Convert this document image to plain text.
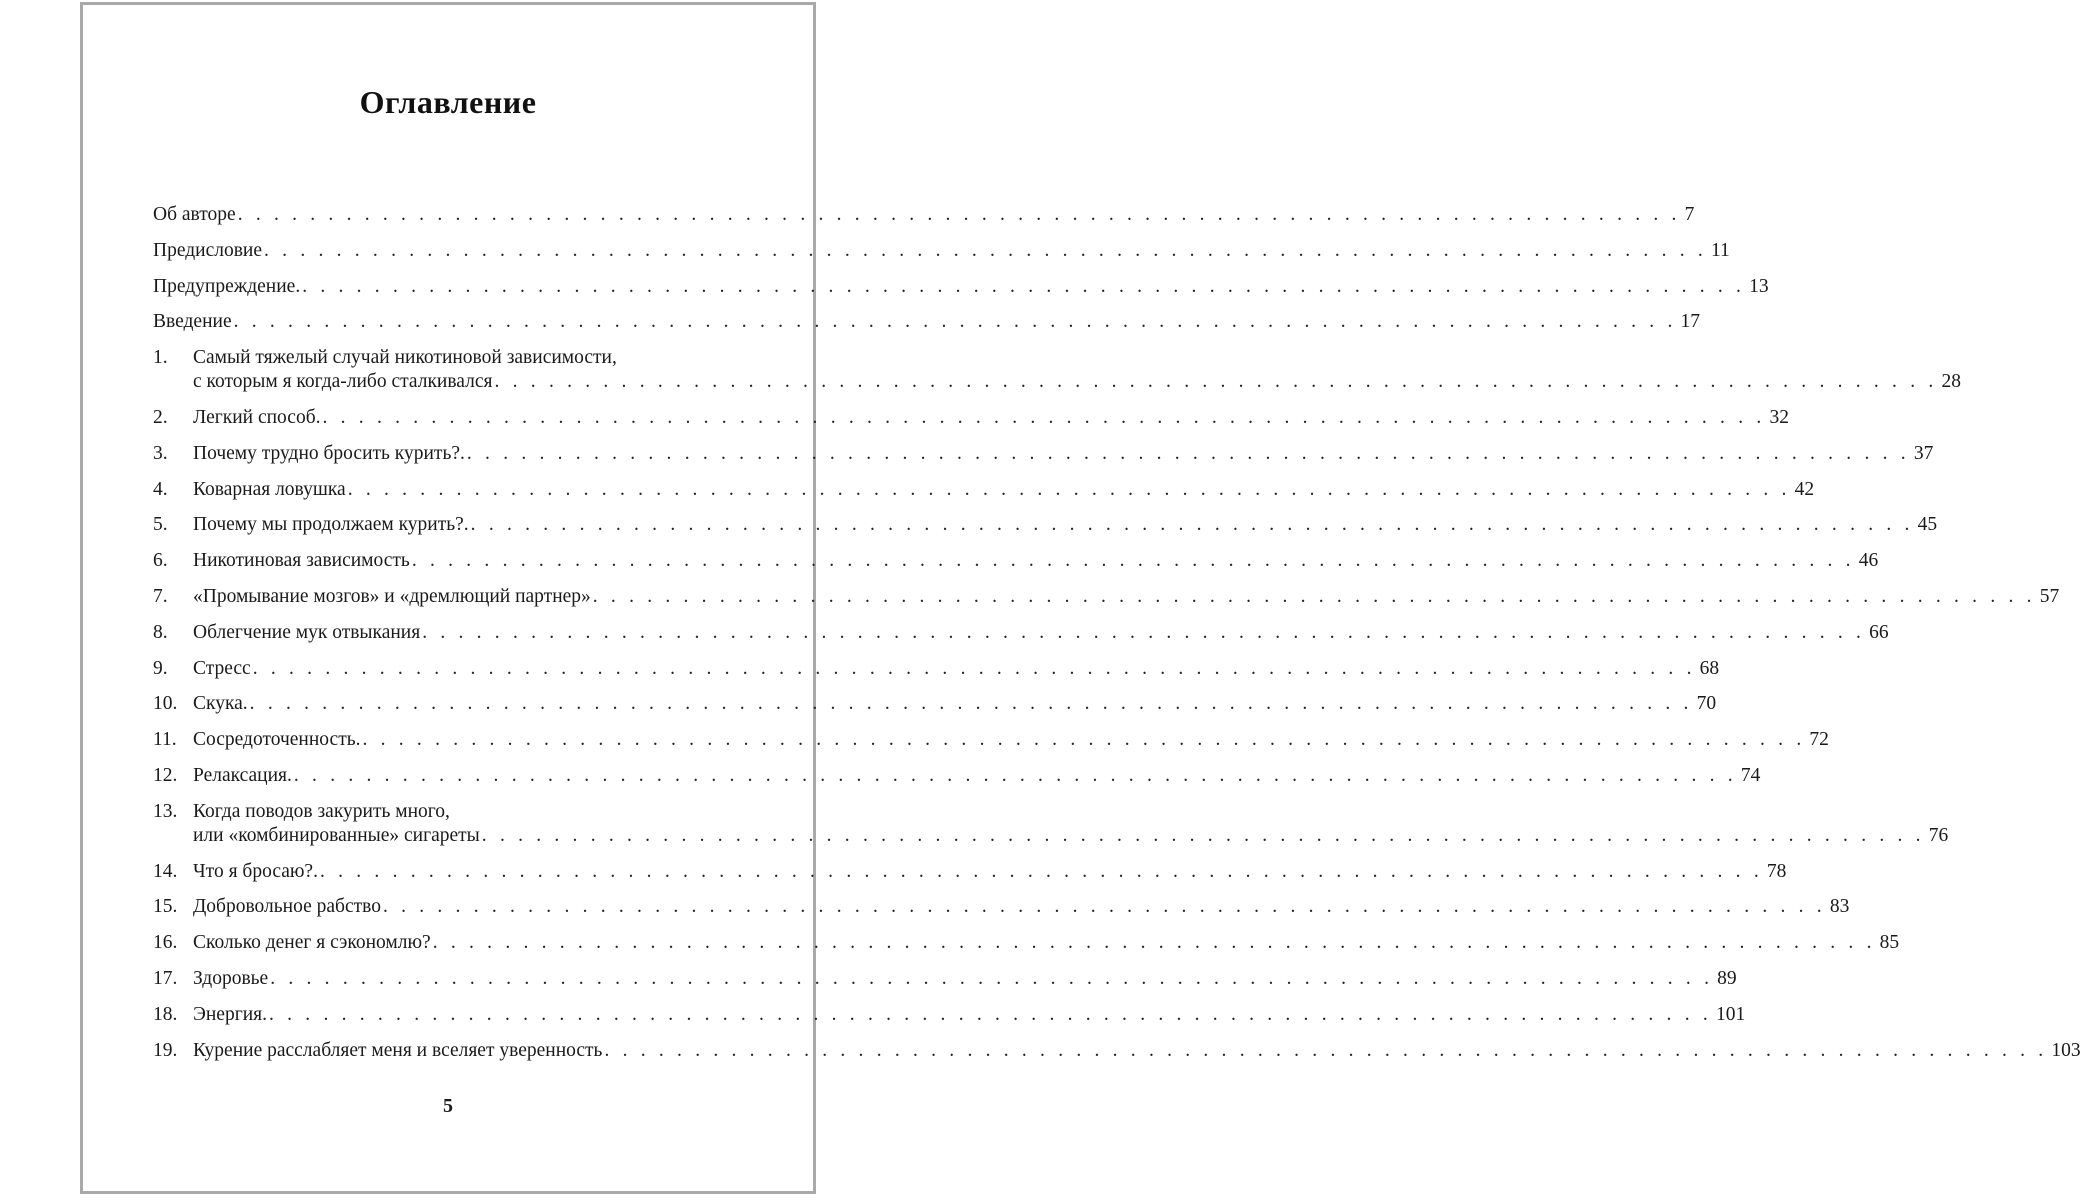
Оглавление
Об авторе . . . . . . . . . . . . . . . . . . . . . . . . . . . . . . . . . . . . . . . . . . . . . . . . . . . . . . . . . . . . . . . . . . . . . . . . . . . . . . . . 7
Предисловие . . . . . . . . . . . . . . . . . . . . . . . . . . . . . . . . . . . . . . . . . . . . . . . . . . . . . . . . . . . . . . . . . . . . . . . . . . . . . . . . 11
Предупреждение. . . . . . . . . . . . . . . . . . . . . . . . . . . . . . . . . . . . . . . . . . . . . . . . . . . . . . . . . . . . . . . . . . . . . . . . . . . . . . . . . 13
Введение . . . . . . . . . . . . . . . . . . . . . . . . . . . . . . . . . . . . . . . . . . . . . . . . . . . . . . . . . . . . . . . . . . . . . . . . . . . . . . . . 17
1.	Самый тяжелый случай никотиновой зависимости,
с которым я когда-либо сталкивался . . . . . . . . . . . . . . . . . . . . . . . . . . . . . . . . . . . . . . . . . . . . . . . . . . . . . . . . . . . . . . . . . . . . . . . . . . . . . . . . 28
2.	Легкий способ. . . . . . . . . . . . . . . . . . . . . . . . . . . . . . . . . . . . . . . . . . . . . . . . . . . . . . . . . . . . . . . . . . . . . . . . . . . . . . . . . 32
3.	Почему трудно бросить курить?. . . . . . . . . . . . . . . . . . . . . . . . . . . . . . . . . . . . . . . . . . . . . . . . . . . . . . . . . . . . . . . . . . . . . . . . . . . . . . . . . 37
4.	Коварная ловушка . . . . . . . . . . . . . . . . . . . . . . . . . . . . . . . . . . . . . . . . . . . . . . . . . . . . . . . . . . . . . . . . . . . . . . . . . . . . . . . . 42
5.	Почему мы продолжаем курить?. . . . . . . . . . . . . . . . . . . . . . . . . . . . . . . . . . . . . . . . . . . . . . . . . . . . . . . . . . . . . . . . . . . . . . . . . . . . . . . . . 45
6.	Никотиновая зависимость . . . . . . . . . . . . . . . . . . . . . . . . . . . . . . . . . . . . . . . . . . . . . . . . . . . . . . . . . . . . . . . . . . . . . . . . . . . . . . . . 46
7.	«Промывание мозгов» и «дремлющий партнер» . . . . . . . . . . . . . . . . . . . . . . . . . . . . . . . . . . . . . . . . . . . . . . . . . . . . . . . . . . . . . . . . . . . . . . . . . . . . . . . . 57
8.	Облегчение мук отвыкания . . . . . . . . . . . . . . . . . . . . . . . . . . . . . . . . . . . . . . . . . . . . . . . . . . . . . . . . . . . . . . . . . . . . . . . . . . . . . . . . 66
9.	Стресс . . . . . . . . . . . . . . . . . . . . . . . . . . . . . . . . . . . . . . . . . . . . . . . . . . . . . . . . . . . . . . . . . . . . . . . . . . . . . . . . 68
10. Скука. . . . . . . . . . . . . . . . . . . . . . . . . . . . . . . . . . . . . . . . . . . . . . . . . . . . . . . . . . . . . . . . . . . . . . . . . . . . . . . . . 70
11. Сосредоточенность. . . . . . . . . . . . . . . . . . . . . . . . . . . . . . . . . . . . . . . . . . . . . . . . . . . . . . . . . . . . . . . . . . . . . . . . . . . . . . . . . 72
12. Релаксация. . . . . . . . . . . . . . . . . . . . . . . . . . . . . . . . . . . . . . . . . . . . . . . . . . . . . . . . . . . . . . . . . . . . . . . . . . . . . . . . . 74
13. Когда поводов закурить много,
или «комбинированные» сигареты . . . . . . . . . . . . . . . . . . . . . . . . . . . . . . . . . . . . . . . . . . . . . . . . . . . . . . . . . . . . . . . . . . . . . . . . . . . . . . . . 76
14. Что я бросаю?. . . . . . . . . . . . . . . . . . . . . . . . . . . . . . . . . . . . . . . . . . . . . . . . . . . . . . . . . . . . . . . . . . . . . . . . . . . . . . . . . 78
15. Добровольное рабство . . . . . . . . . . . . . . . . . . . . . . . . . . . . . . . . . . . . . . . . . . . . . . . . . . . . . . . . . . . . . . . . . . . . . . . . . . . . . . . . 83
16. Сколько денег я сэкономлю? . . . . . . . . . . . . . . . . . . . . . . . . . . . . . . . . . . . . . . . . . . . . . . . . . . . . . . . . . . . . . . . . . . . . . . . . . . . . . . . . 85
17. Здоровье . . . . . . . . . . . . . . . . . . . . . . . . . . . . . . . . . . . . . . . . . . . . . . . . . . . . . . . . . . . . . . . . . . . . . . . . . . . . . . . . 89
18. Энергия. . . . . . . . . . . . . . . . . . . . . . . . . . . . . . . . . . . . . . . . . . . . . . . . . . . . . . . . . . . . . . . . . . . . . . . . . . . . . . . . . 101
19. Курение расслабляет меня и вселяет уверенность . . . . . . . . . . . . . . . . . . . . . . . . . . . . . . . . . . . . . . . . . . . . . . . . . . . . . . . . . . . . . . . . . . . . . . . . . . . . . . . . 103
5
